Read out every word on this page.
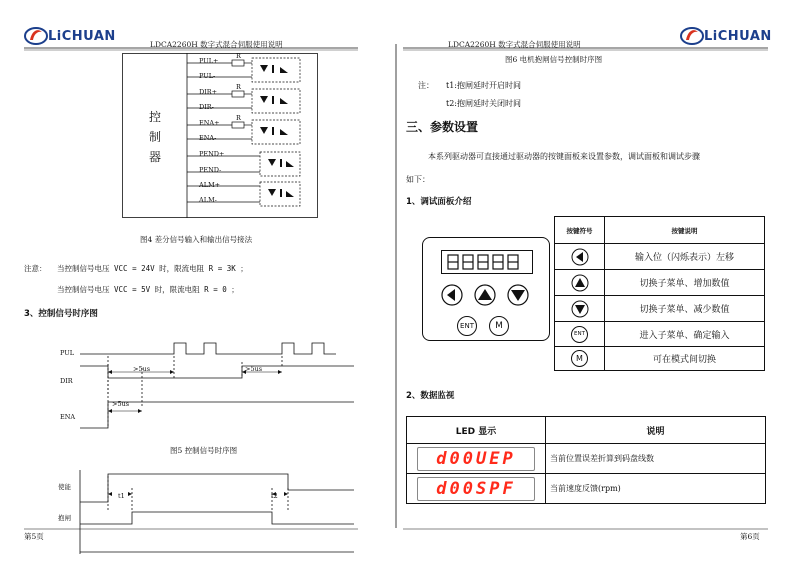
LiCHUAN
LDCA2260H 数字式混合伺服使用说明	LDCA2260H 数字式混合伺服使用说明
LiCHUAN
控
制
器
PUL+
PUL-
DIR+
DIR-
ENA+
ENA-
PEND+
PEND-
ALM+
ALM-
R
R
R
图4 差分信号输入和输出信号接法
注意： 当控制信号电压 VCC = 24V 时，限流电阻 R = 3K ；
当控制信号电压 VCC = 5V 时，限流电阻 R = 0 ；
3、控制信号时序图
PUL
DIR
ENA
>5us	>5us
>5us
图5 控制信号时序图
使能
抱闸
t1	t2
第5页
图6 电机抱闸信号控制时序图
注： t1:抱闸延时开启时间
t2:抱闸延时关闭时间
三、参数设置
本系列驱动器可直接通过驱动器的按键面板来设置参数，调试面板和调试步骤
如下：
1、调试面板介绍
ENT	M
按键符号	按键说明
输入位（闪烁表示）左移
切换子菜单、增加数值
切换子菜单、减少数值
ENT	进入子菜单、确定输入
M	可在模式间切换
2、数据监视
LED 显示	说明
d00UEP	当前位置误差折算到码盘线数
d00SPF	当前速度反馈(rpm)
第6页
